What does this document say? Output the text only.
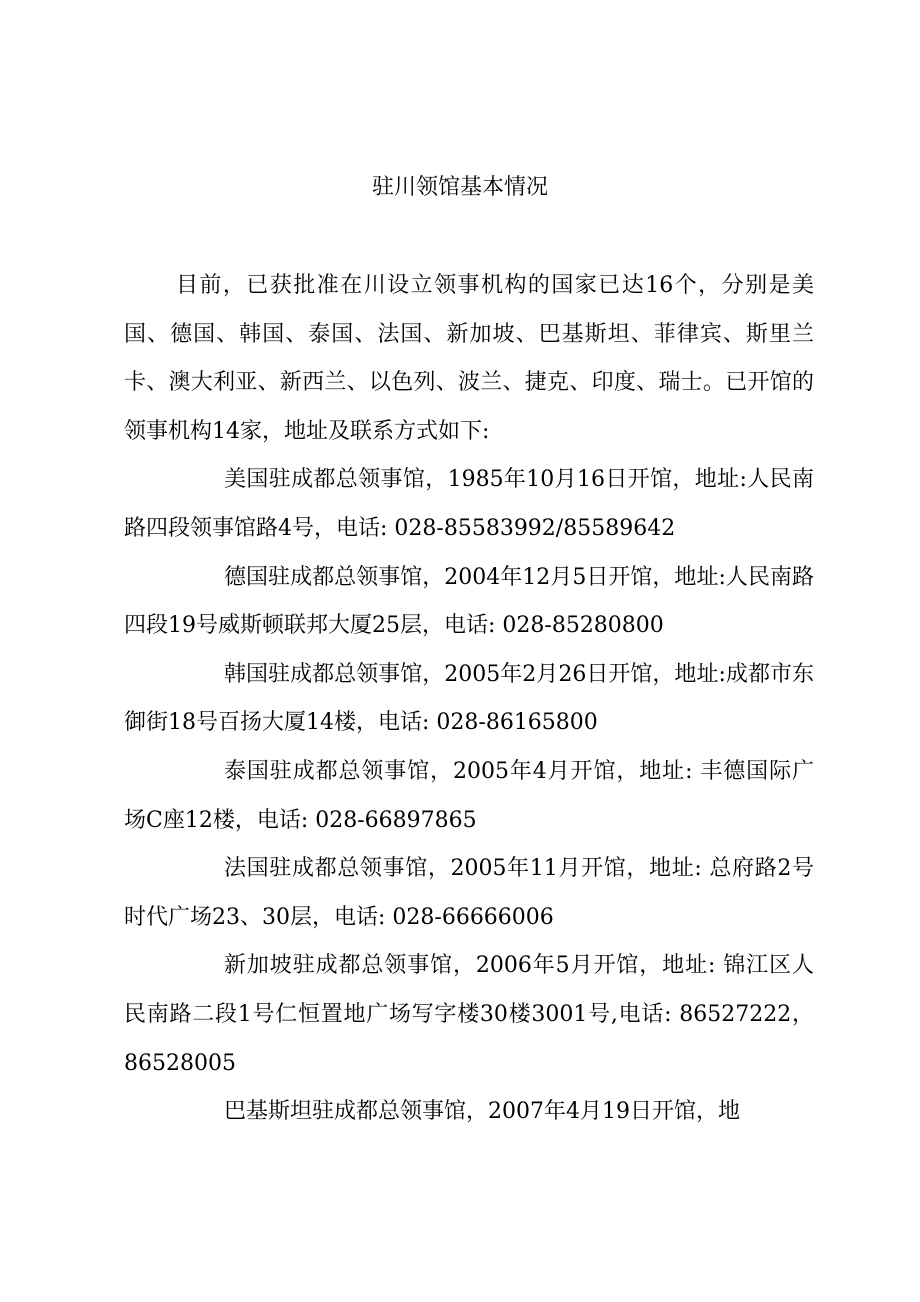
驻川领馆基本情况

目前，已获批准在川设立领事机构的国家已达16个，分别是美国、德国、韩国、泰国、法国、新加坡、巴基斯坦、菲律宾、斯里兰卡、澳大利亚、新西兰、以色列、波兰、捷克、印度、瑞士。已开馆的领事机构14家，地址及联系方式如下:

美国驻成都总领事馆，1985年10月16日开馆，地址:人民南路四段领事馆路4号，电话: 028-85583992/85589642

德国驻成都总领事馆，2004年12月5日开馆，地址:人民南路四段19号威斯顿联邦大厦25层，电话: 028-85280800

韩国驻成都总领事馆，2005年2月26日开馆，地址:成都市东御街18号百扬大厦14楼，电话: 028-86165800

泰国驻成都总领事馆，2005年4月开馆，地址: 丰德国际广场C座12楼，电话: 028-66897865

法国驻成都总领事馆，2005年11月开馆，地址: 总府路2号时代广场23、30层，电话: 028-66666006

新加坡驻成都总领事馆，2006年5月开馆，地址: 锦江区人民南路二段1号仁恒置地广场写字楼30楼3001号,电话: 86527222，86528005

巴基斯坦驻成都总领事馆，2007年4月19日开馆，地
